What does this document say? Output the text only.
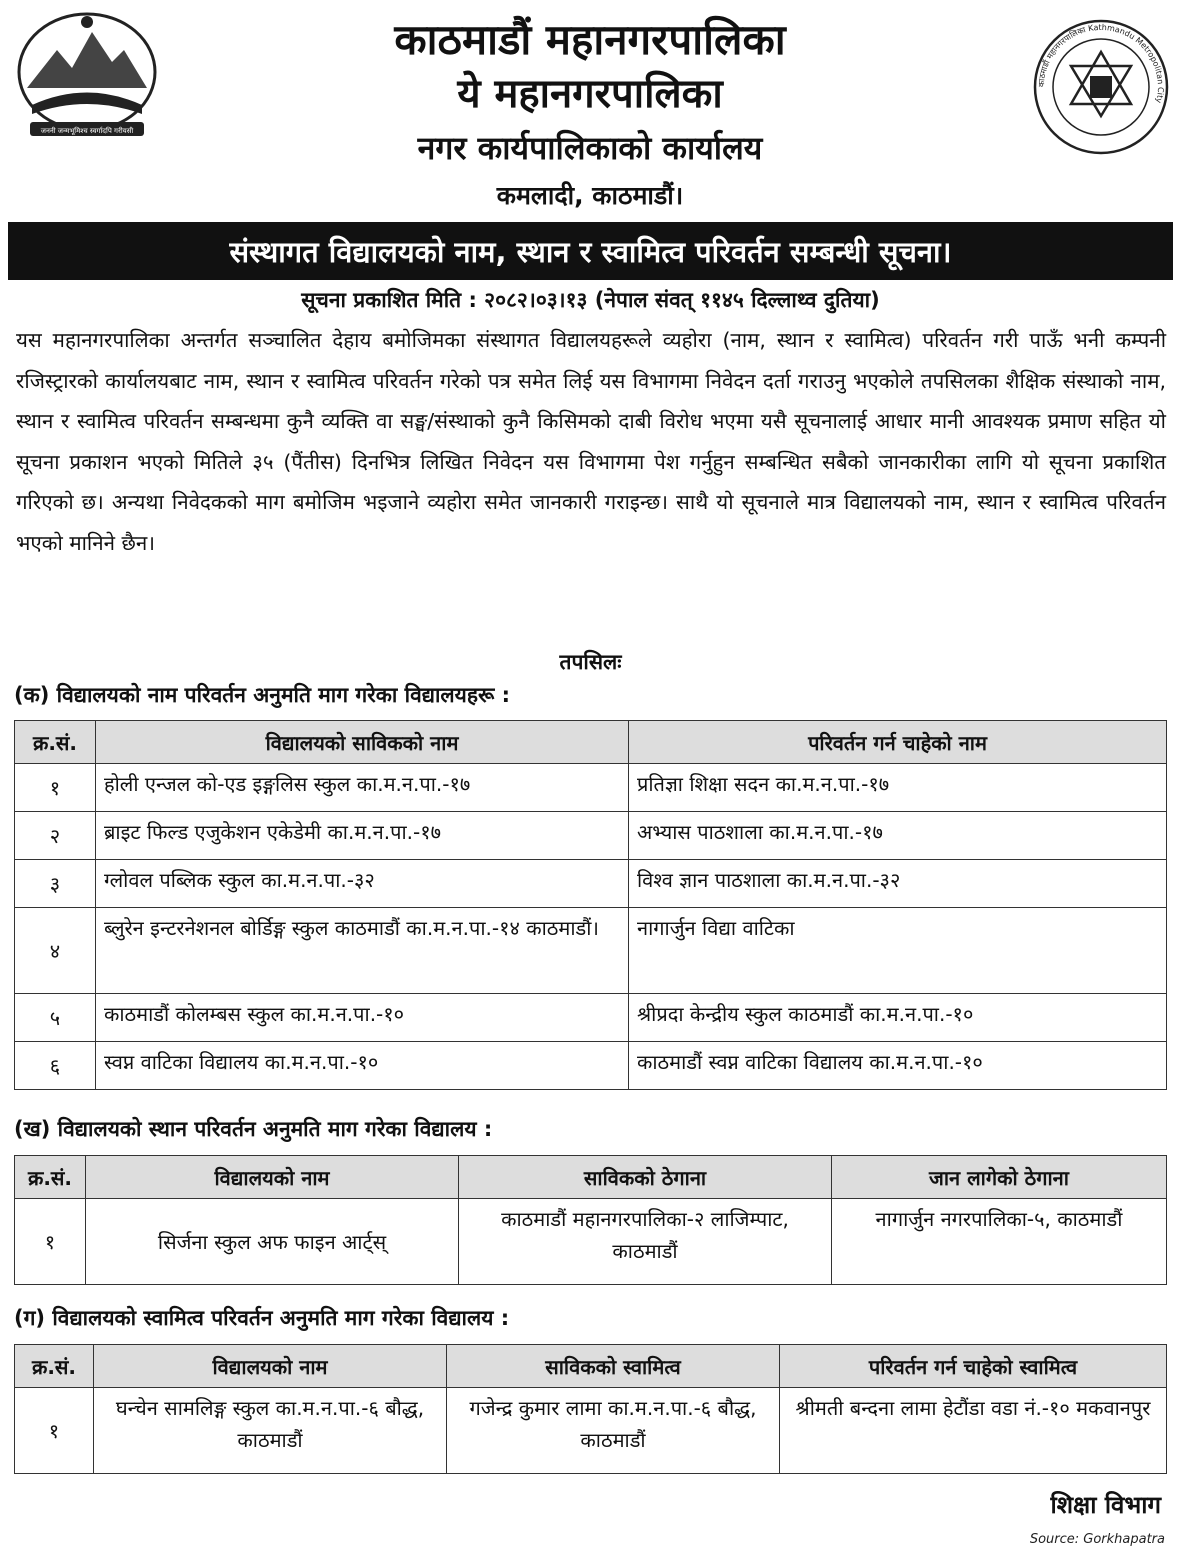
जननी जन्मभूमिश्च स्वर्गादपि गरीयसी
काठमाडौं महानगरपालिका
ये महानगरपालिका
नगर कार्यपालिकाको कार्यालय
कमलादी, काठमाडौं।
काठमाडौं महानगरपालिका Kathmandu Metropolitan City
संस्थागत विद्यालयको नाम, स्थान र स्वामित्व परिवर्तन सम्बन्धी सूचना।
सूचना प्रकाशित मिति : २०८२।०३।१३ (नेपाल संवत् ११४५ दिल्लाथ्व दुतिया)
यस महानगरपालिका अन्तर्गत सञ्चालित देहाय बमोजिमका संस्थागत विद्यालयहरूले व्यहोरा (नाम, स्थान र स्वामित्व) परिवर्तन गरी पाऊँ भनी कम्पनी रजिस्ट्रारको कार्यालयबाट नाम, स्थान र स्वामित्व परिवर्तन गरेको पत्र समेत लिई यस विभागमा निवेदन दर्ता गराउनु भएकोले तपसिलका शैक्षिक संस्थाको नाम, स्थान र स्वामित्व परिवर्तन सम्बन्धमा कुनै व्यक्ति वा सङ्घ/संस्थाको कुनै किसिमको दाबी विरोध भएमा यसै सूचनालाई आधार मानी आवश्यक प्रमाण सहित यो सूचना प्रकाशन भएको मितिले ३५ (पैंतीस) दिनभित्र लिखित निवेदन यस विभागमा पेश गर्नुहुन सम्बन्धित सबैको जानकारीका लागि यो सूचना प्रकाशित गरिएको छ। अन्यथा निवेदकको माग बमोजिम भइजाने व्यहोरा समेत जानकारी गराइन्छ। साथै यो सूचनाले मात्र विद्यालयको नाम, स्थान र स्वामित्व परिवर्तन भएको मानिने छैन।
तपसिलः
(क) विद्यालयको नाम परिवर्तन अनुमति माग गरेका विद्यालयहरू :
क्र.सं.	विद्यालयको साविकको नाम	परिवर्तन गर्न चाहेको नाम
१	होली एन्जल को-एड इङ्गलिस स्कुल का.म.न.पा.-१७	प्रतिज्ञा शिक्षा सदन का.म.न.पा.-१७
२	ब्राइट फिल्ड एजुकेशन एकेडेमी का.म.न.पा.-१७	अभ्यास पाठशाला का.म.न.पा.-१७
३	ग्लोवल पब्लिक स्कुल का.म.न.पा.-३२	विश्व ज्ञान पाठशाला का.म.न.पा.-३२
४	ब्लुरेन इन्टरनेशनल बोर्डिङ्ग स्कुल काठमाडौं का.म.न.पा.-१४ काठमाडौं।	नागार्जुन विद्या वाटिका
५	काठमाडौं कोलम्बस स्कुल का.म.न.पा.-१०	श्रीप्रदा केन्द्रीय स्कुल काठमाडौं का.म.न.पा.-१०
६	स्वप्न वाटिका विद्यालय का.म.न.पा.-१०	काठमाडौं स्वप्न वाटिका विद्यालय का.म.न.पा.-१०
(ख) विद्यालयको स्थान परिवर्तन अनुमति माग गरेका विद्यालय :
क्र.सं.	विद्यालयको नाम	साविकको ठेगाना	जान लागेको ठेगाना
१	सिर्जना स्कुल अफ फाइन आर्ट्स्	काठमाडौं महानगरपालिका-२ लाजिम्पाट, काठमाडौं	नागार्जुन नगरपालिका-५, काठमाडौं
(ग) विद्यालयको स्वामित्व परिवर्तन अनुमति माग गरेका विद्यालय :
क्र.सं.	विद्यालयको नाम	साविकको स्वामित्व	परिवर्तन गर्न चाहेको स्वामित्व
१	घन्चेन सामलिङ्ग स्कुल का.म.न.पा.-६ बौद्ध, काठमाडौं	गजेन्द्र कुमार लामा का.म.न.पा.-६ बौद्ध, काठमाडौं	श्रीमती बन्दना लामा हेटौंडा वडा नं.-१० मकवानपुर
शिक्षा विभाग
Source: Gorkhapatra
